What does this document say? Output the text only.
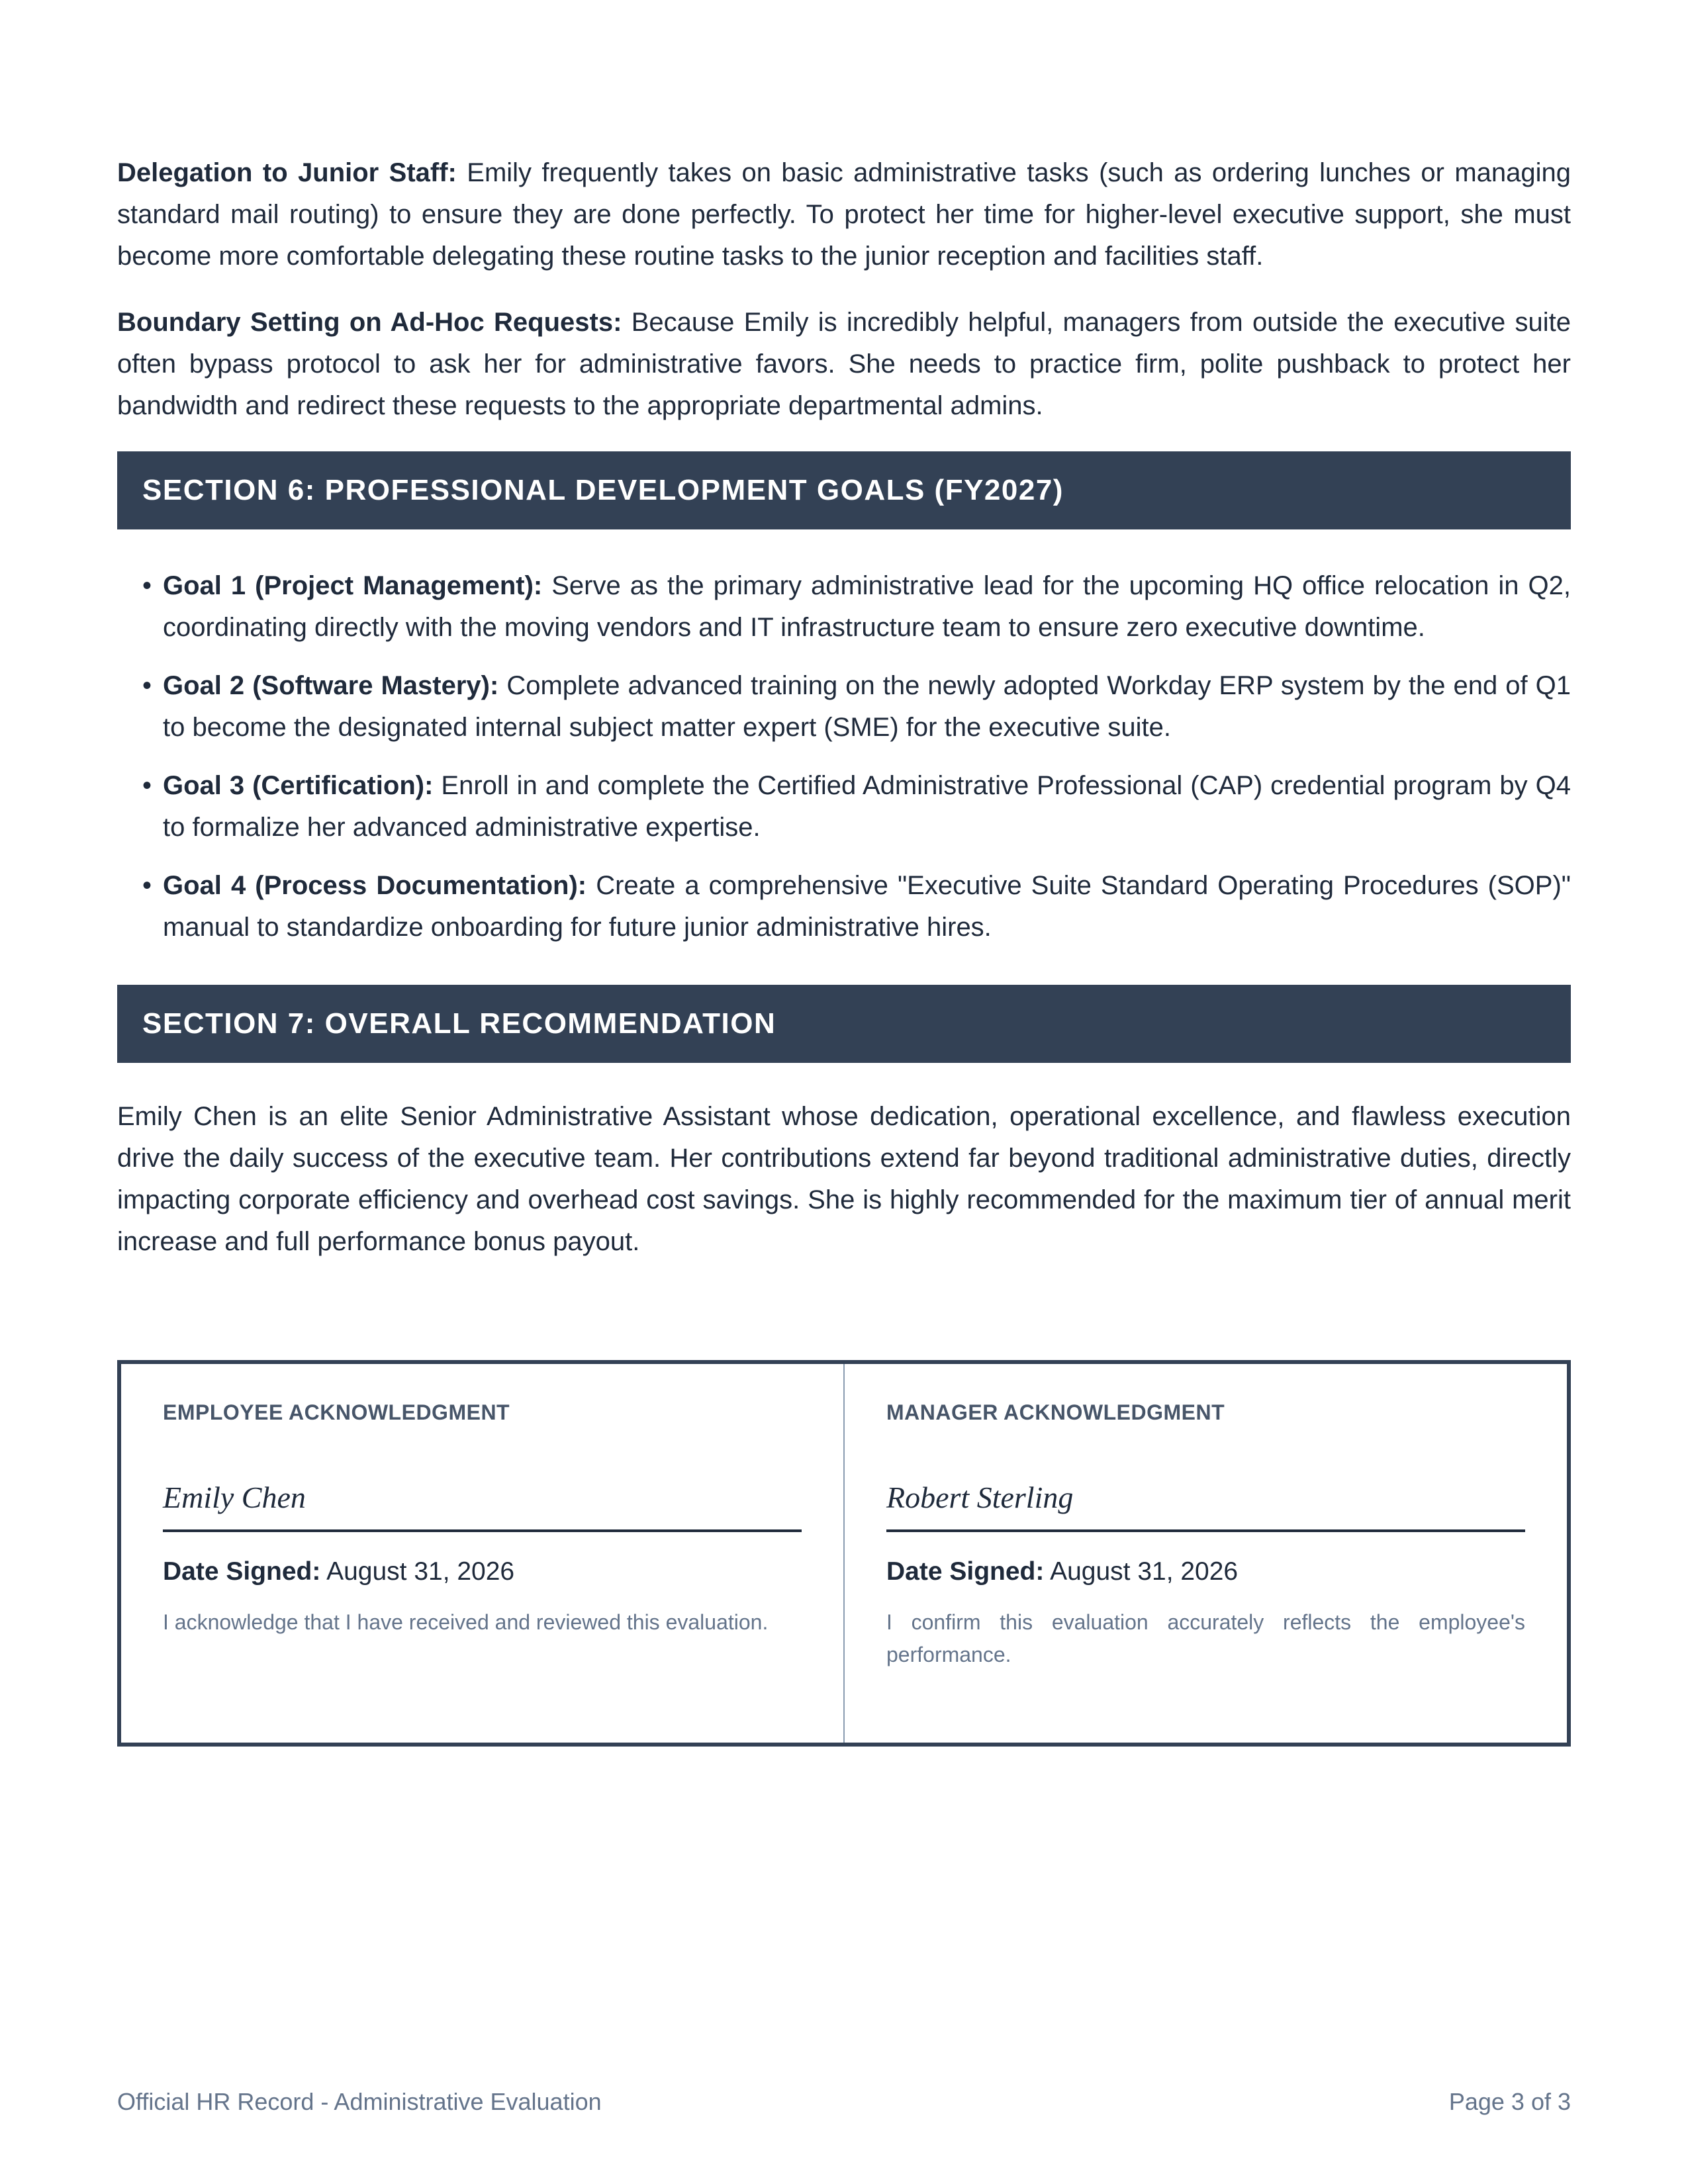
Delegation to Junior Staff: Emily frequently takes on basic administrative tasks (such as ordering lunches or managing standard mail routing) to ensure they are done perfectly. To protect her time for higher-level executive support, she must become more comfortable delegating these routine tasks to the junior reception and facilities staff.

Boundary Setting on Ad-Hoc Requests: Because Emily is incredibly helpful, managers from outside the executive suite often bypass protocol to ask her for administrative favors. She needs to practice firm, polite pushback to protect her bandwidth and redirect these requests to the appropriate departmental admins.

SECTION 6: PROFESSIONAL DEVELOPMENT GOALS (FY2027)
• Goal 1 (Project Management): Serve as the primary administrative lead for the upcoming HQ office relocation in Q2, coordinating directly with the moving vendors and IT infrastructure team to ensure zero executive downtime.
• Goal 2 (Software Mastery): Complete advanced training on the newly adopted Workday ERP system by the end of Q1 to become the designated internal subject matter expert (SME) for the executive suite.
• Goal 3 (Certification): Enroll in and complete the Certified Administrative Professional (CAP) credential program by Q4 to formalize her advanced administrative expertise.
• Goal 4 (Process Documentation): Create a comprehensive "Executive Suite Standard Operating Procedures (SOP)" manual to standardize onboarding for future junior administrative hires.
SECTION 7: OVERALL RECOMMENDATION

Emily Chen is an elite Senior Administrative Assistant whose dedication, operational excellence, and flawless execution drive the daily success of the executive team. Her contributions extend far beyond traditional administrative duties, directly impacting corporate efficiency and overhead cost savings. She is highly recommended for the maximum tier of annual merit increase and full performance bonus payout.

EMPLOYEE ACKNOWLEDGMENT
Emily Chen
Date Signed: August 31, 2026
I acknowledge that I have received and reviewed this evaluation.
MANAGER ACKNOWLEDGMENT
Robert Sterling
Date Signed: August 31, 2026
I confirm this evaluation accurately reflects the employee's performance.
Official HR Record - Administrative Evaluation	Page 3 of 3
